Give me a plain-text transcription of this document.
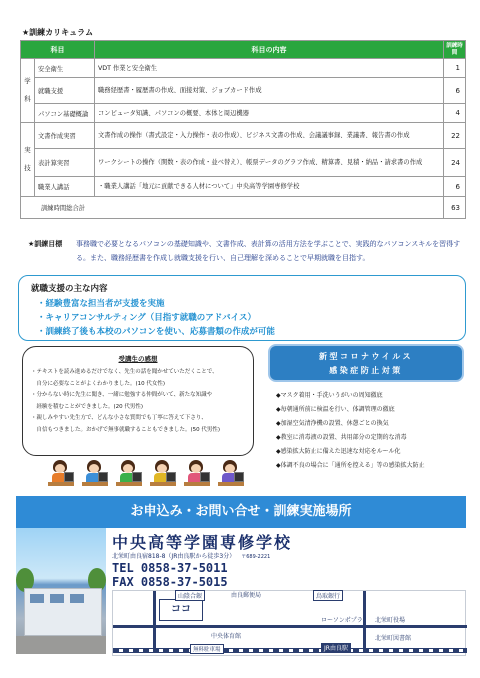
★訓練カリキュラム
科目		科目の内容	訓練時間
学

科	安全衛生	VDT 作業と安全衛生	1
	就職支援	職務経歴書・履歴書の作成、面接対策、ジョブカード作成	6
	パソコン基礎概論	コンピュータ知識、パソコンの概要、本体と周辺機器	4
実

技	文書作成実習	文書作成の操作（書式設定・入力操作・表の作成）、ビジネス文書の作成、会議議事録、業議書、報告書の作成	22
	表計算実習	ワークシートの操作（関数・表の作成・並べ替え）、帳票データのグラフ作成、精算書、見積・納品・請求書の作成	24
	職業人講話	・職業人講話「地元に貢献できる人材について」中央高等学園専修学校	6
訓練時間総合計			63
★訓練目標	事務職で必要となるパソコンの基礎知識や、文書作成、表計算の活用方法を学ぶことで、実践的なパソコンスキルを習得する。また、職務経歴書を作成し就職支援を行い、自己理解を深めることで早期就職を目指す。
就職支援の主な内容
・経験豊富な担当者が支援を実施
・キャリアコンサルティング（目指す就職のアドバイス）
・訓練終了後も本校のパソコンを使い、応募書類の作成が可能
受講生の感想
・テキストを読み進めるだけでなく、先生の話を聞かせていただくことで、
　自分に必要なことがよくわかりました。(10 代女性)
・分からない時に先生に聞き、一緒に勉強する仲間がいて、新たな知識や
　経験を積むことができました。(20 代男性)
・親しみやすい先生方で、どんな小さな質問でも丁寧に答えて下さり、
　自信もつきました。おかげで無事就職することもできました。(50 代男性)
新型コロナウイルス
感染症防止対策
◆マスク着用・手洗いうがいの周知徹底
◆毎朝通所前に検温を行い、体調管理の徹底
◆加湿空気清浄機の設置、休憩ごとの換気
◆教室に消毒液の設置、共用部分の定期的な消毒
◆感染拡大防止に備えた迅速な対応をルール化
◆体調不良の場合に「通所を控える」等の感染拡大防止
お申込み・お問い合せ・訓練実施場所
中央高等学園専修学校
北栄町由良宿818-8（JR由良駅から徒歩3分） 〒689-2221
TEL 0858-37-5011
FAX 0858-37-5015
ココ
山陰合銀	由良郵便局	鳥取銀行
ローソンポプラ 北栄町役場
中央体育館	北栄町図書館
JR由良駅
無料駐車場
